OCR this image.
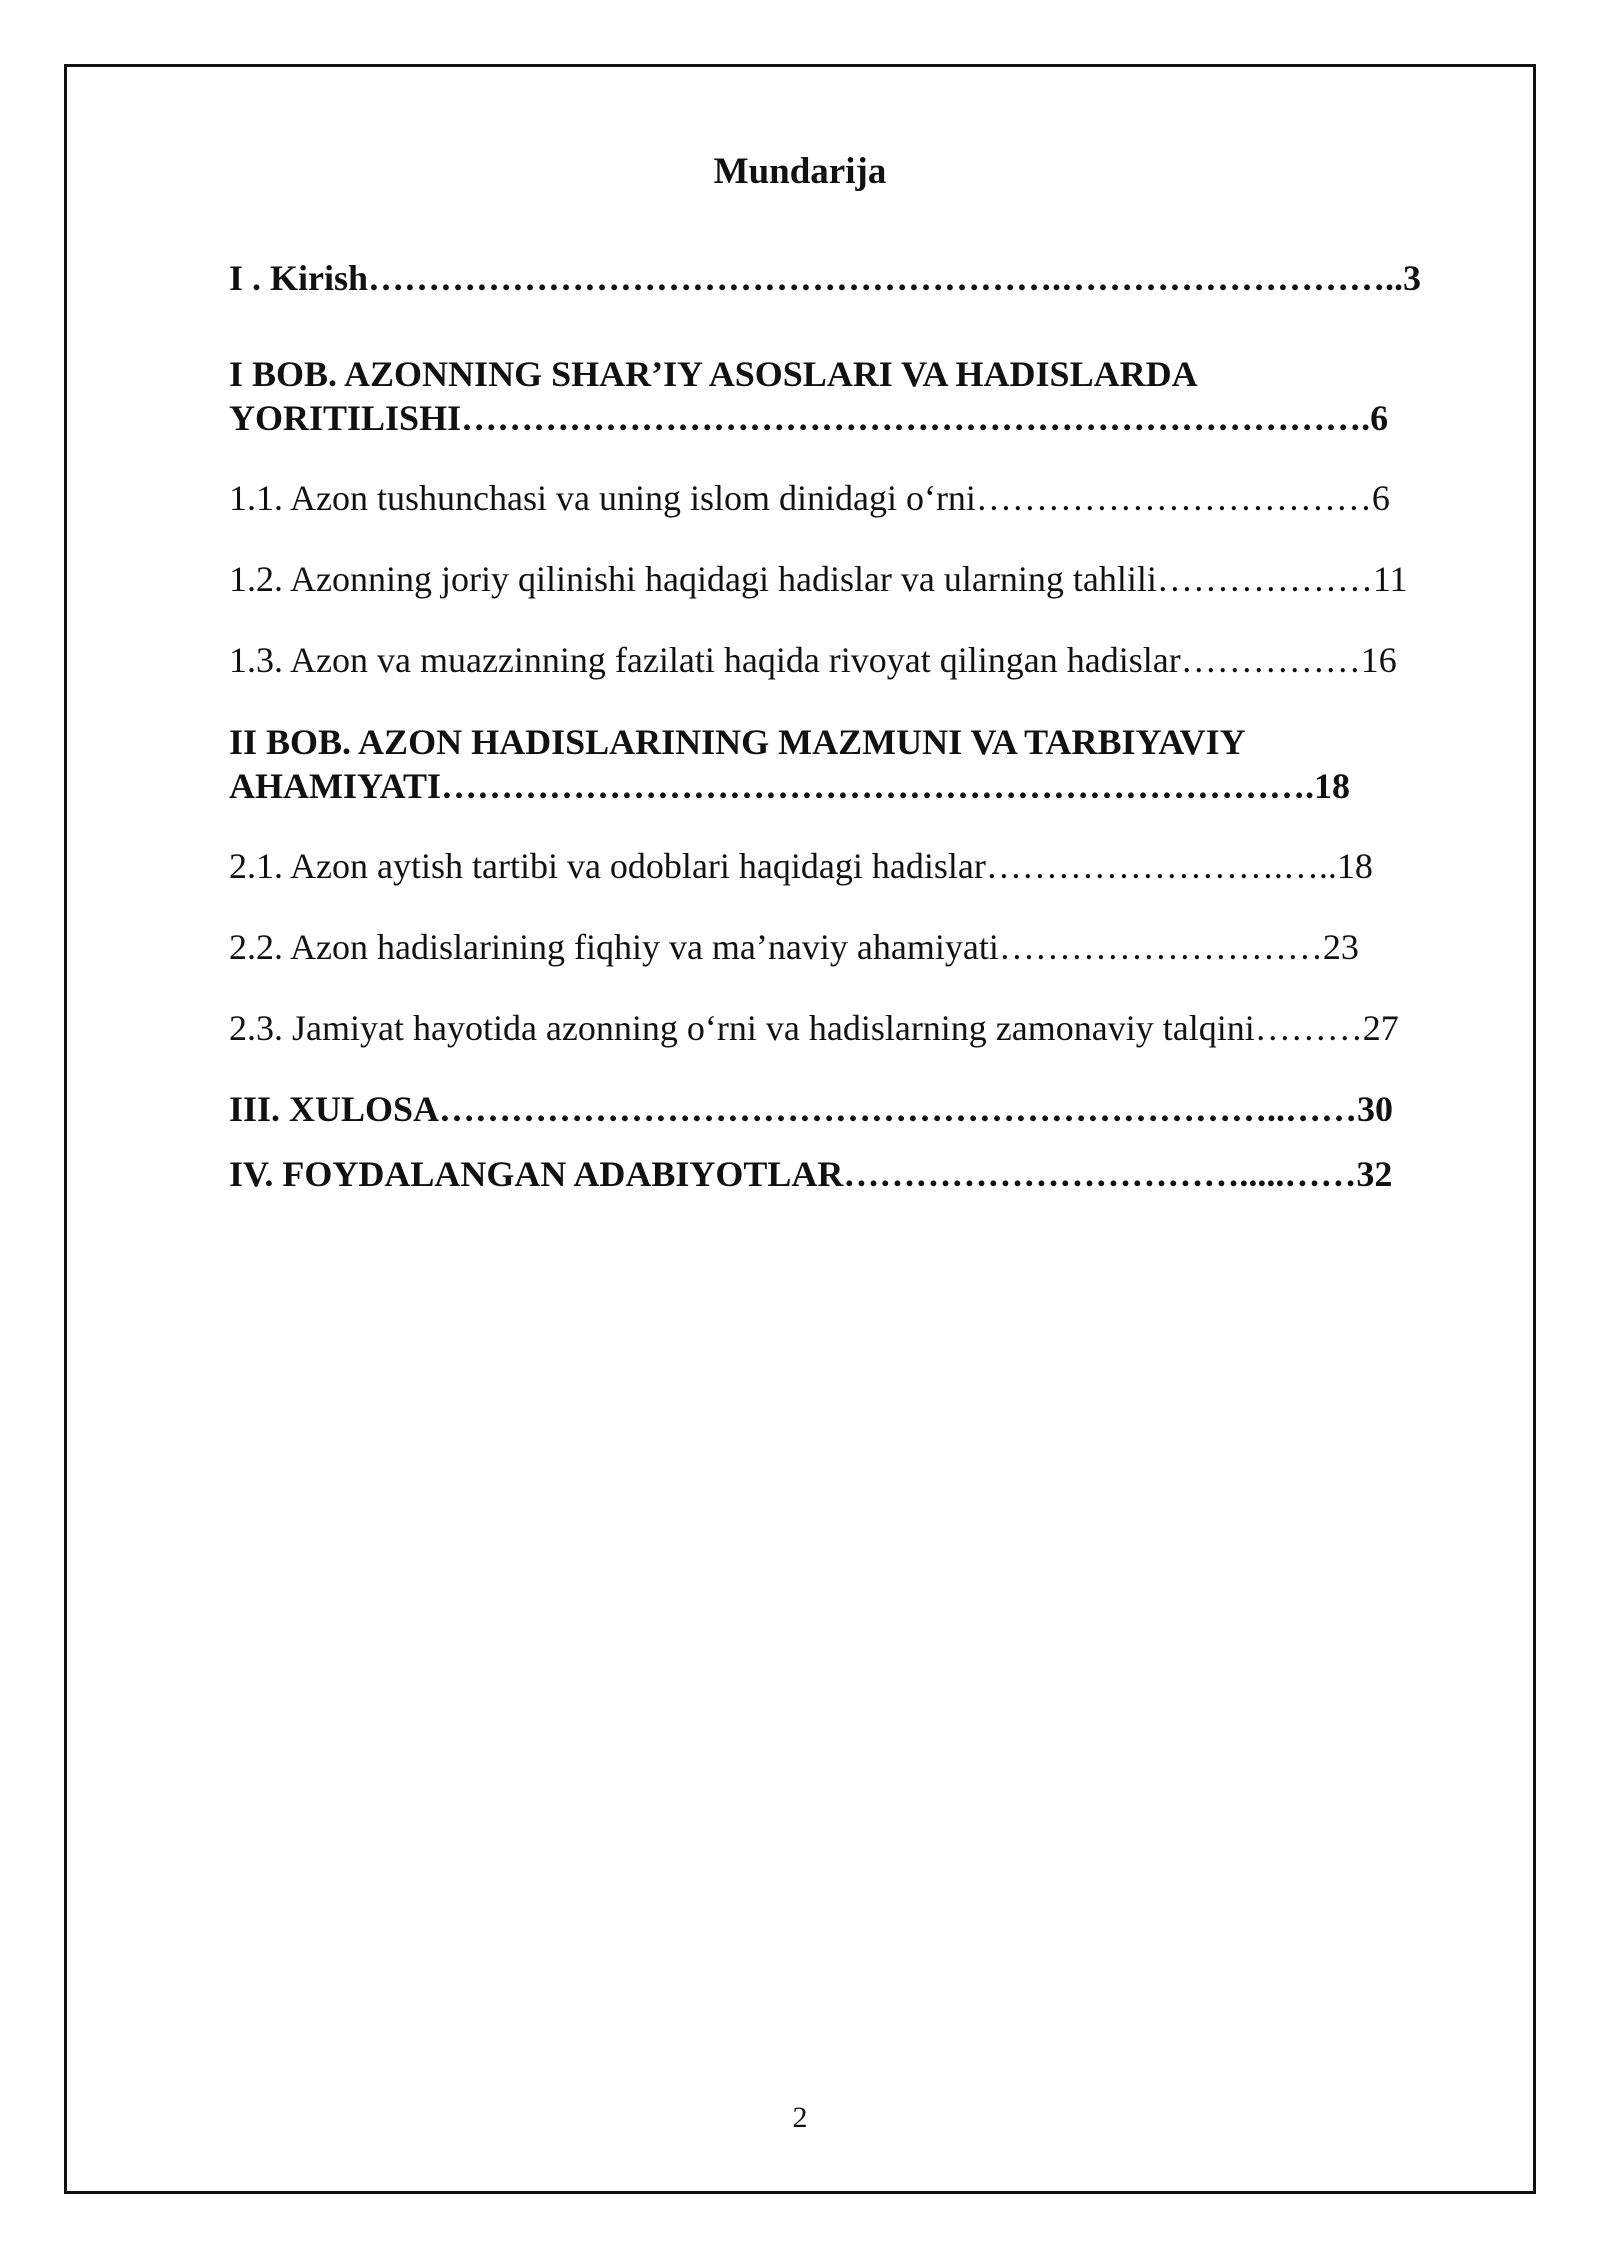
Mundarija
I . Kirish………………………………………………….………………………..3
I BOB. AZONNING SHAR’IY ASOSLARI VA HADISLARDA
YORITILISHI………………………………………………………………….6
1.1. Azon tushunchasi va uning islom dinidagi o‘rni……………………………6
1.2. Azonning joriy qilinishi haqidagi hadislar va ularning tahlili………………11
1.3. Azon va muazzinning fazilati haqida rivoyat qilingan hadislar……………16
II BOB. AZON HADISLARINING MAZMUNI VA TARBIYAVIY
AHAMIYATI……………………………………………………………….18
2.1. Azon aytish tartibi va odoblari haqidagi hadislar…………………….…..18
2.2. Azon hadislarining fiqhiy va ma’naviy ahamiyati………………………23
2.3. Jamiyat hayotida azonning o‘rni va hadislarning zamonaviy talqini………27
III. XULOSA……………………………………………………………..……30
IV. FOYDALANGAN ADABIYOTLAR…………………………….....……32
2
